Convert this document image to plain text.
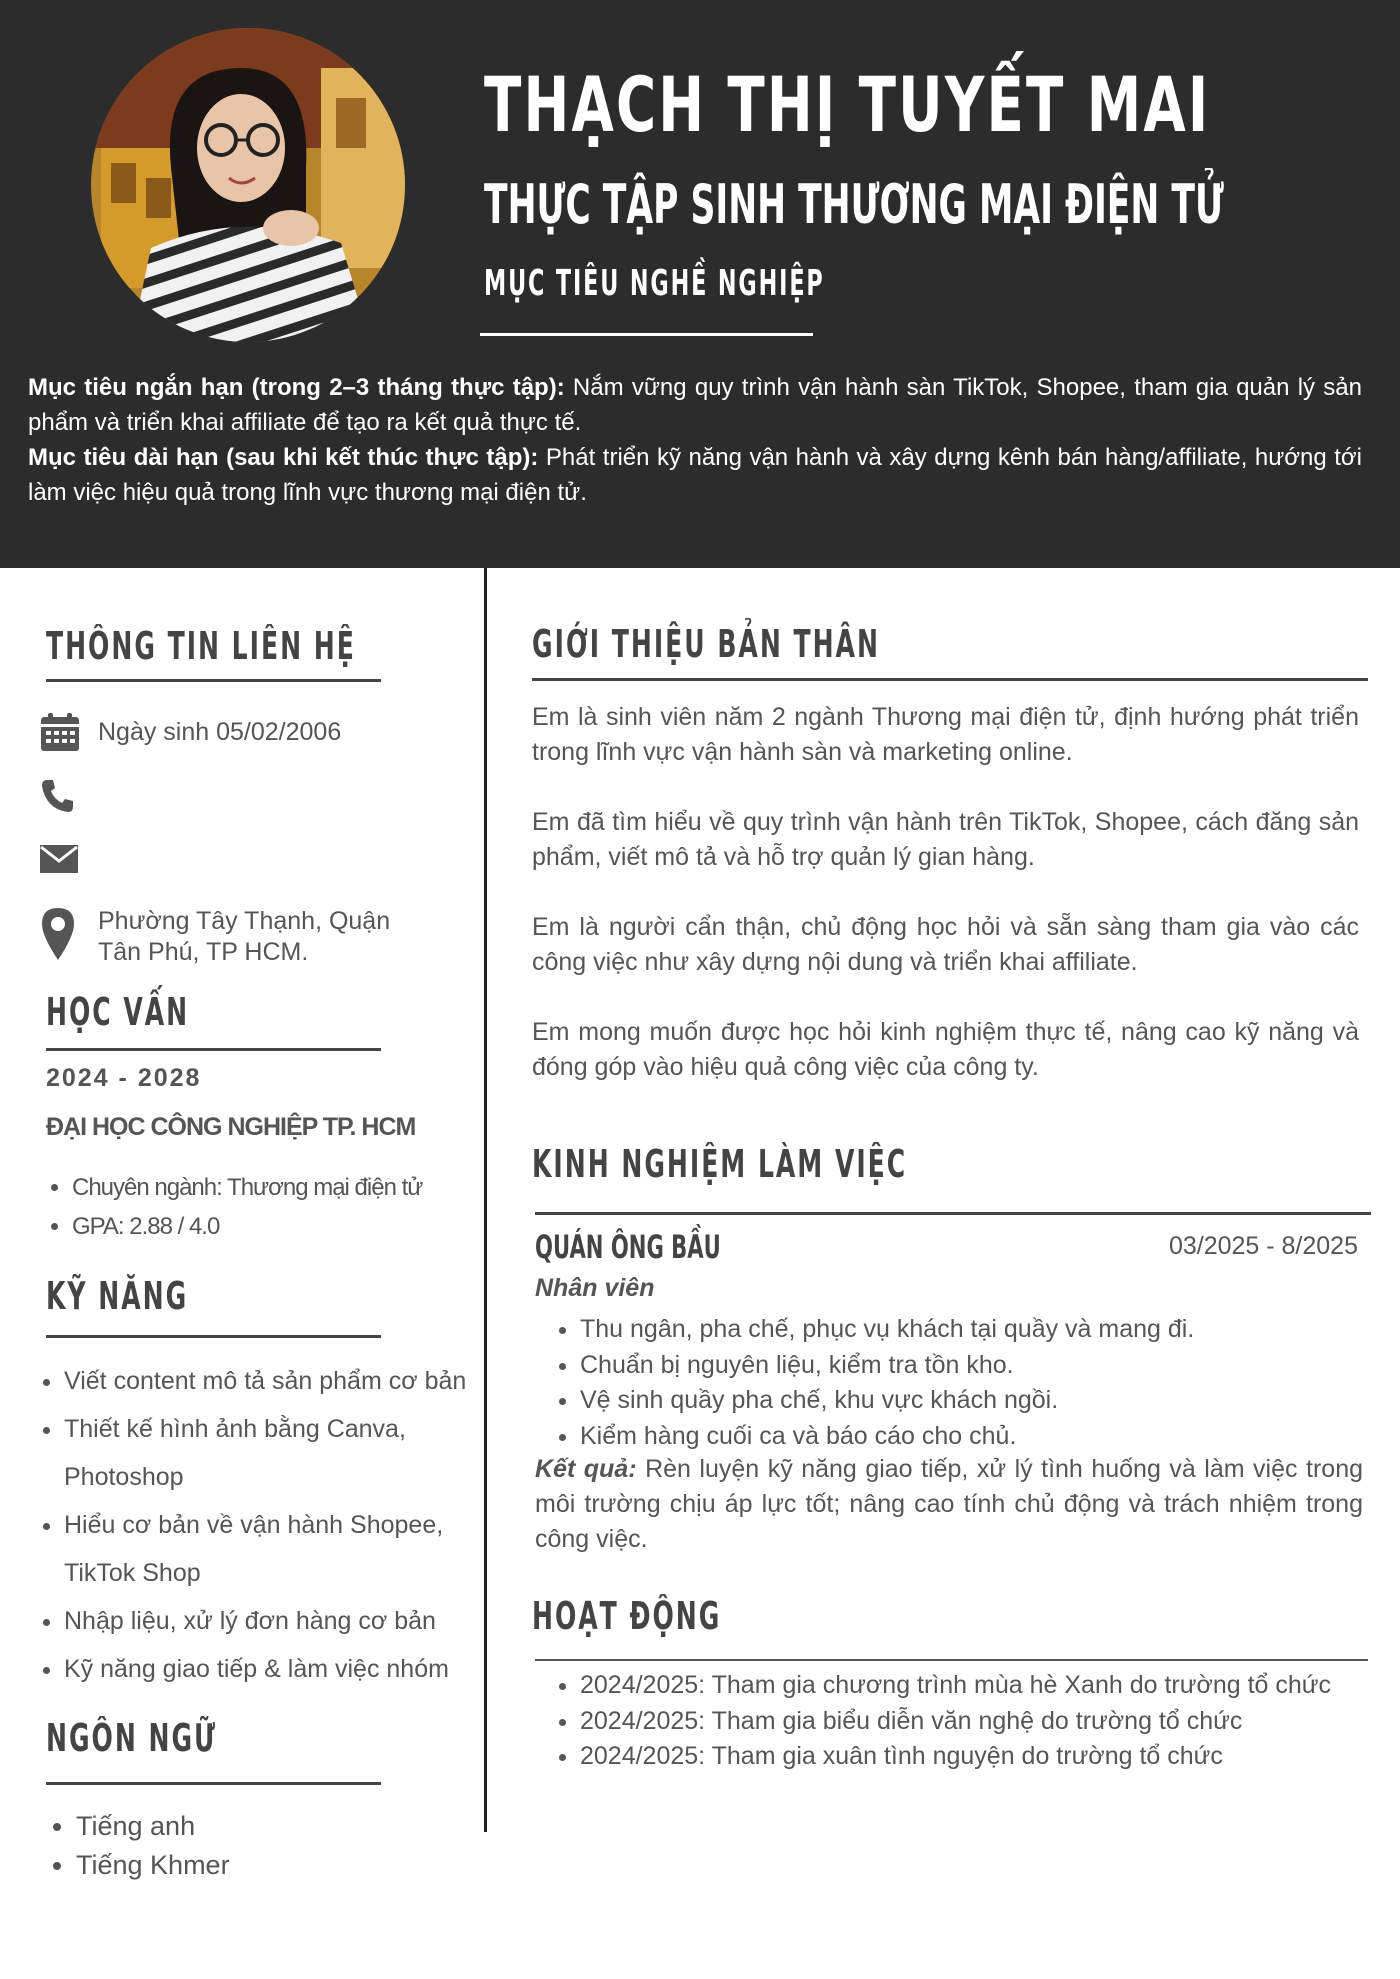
THẠCH THỊ TUYẾT MAI
THỰC TẬP SINH THƯƠNG MẠI ĐIỆN TỬ
MỤC TIÊU NGHỀ NGHIỆP

Mục tiêu ngắn hạn (trong 2–3 tháng thực tập): Nắm vững quy trình vận hành sàn TikTok, Shopee, tham gia quản lý sản phẩm và triển khai affiliate để tạo ra kết quả thực tế.

Mục tiêu dài hạn (sau khi kết thúc thực tập): Phát triển kỹ năng vận hành và xây dựng kênh bán hàng/affiliate, hướng tới làm việc hiệu quả trong lĩnh vực thương mại điện tử.

THÔNG TIN LIÊN HỆ
Ngày sinh 05/02/2006
Phường Tây Thạnh, Quận Tân Phú, TP HCM.
HỌC VẤN
2024 - 2028
ĐẠI HỌC CÔNG NGHIỆP TP. HCM
• Chuyên ngành: Thương mại điện tử
• GPA: 2.88 / 4.0
KỸ NĂNG
• Viết content mô tả sản phẩm cơ bản
• Thiết kế hình ảnh bằng Canva, Photoshop
• Hiểu cơ bản về vận hành Shopee, TikTok Shop
• Nhập liệu, xử lý đơn hàng cơ bản
• Kỹ năng giao tiếp & làm việc nhóm
NGÔN NGỮ
• Tiếng anh
• Tiếng Khmer
GIỚI THIỆU BẢN THÂN

Em là sinh viên năm 2 ngành Thương mại điện tử, định hướng phát triển trong lĩnh vực vận hành sàn và marketing online.

Em đã tìm hiểu về quy trình vận hành trên TikTok, Shopee, cách đăng sản phẩm, viết mô tả và hỗ trợ quản lý gian hàng.

Em là người cẩn thận, chủ động học hỏi và sẵn sàng tham gia vào các công việc như xây dựng nội dung và triển khai affiliate.

Em mong muốn được học hỏi kinh nghiệm thực tế, nâng cao kỹ năng và đóng góp vào hiệu quả công việc của công ty.

KINH NGHIỆM LÀM VIỆC
QUÁN ÔNG BẦU	03/2025 - 8/2025
Nhân viên
• Thu ngân, pha chế, phục vụ khách tại quầy và mang đi.
• Chuẩn bị nguyên liệu, kiểm tra tồn kho.
• Vệ sinh quầy pha chế, khu vực khách ngồi.
• Kiểm hàng cuối ca và báo cáo cho chủ.
Kết quả: Rèn luyện kỹ năng giao tiếp, xử lý tình huống và làm việc trong môi trường chịu áp lực tốt; nâng cao tính chủ động và trách nhiệm trong công việc.
HOẠT ĐỘNG
• 2024/2025: Tham gia chương trình mùa hè Xanh do trường tổ chức
• 2024/2025: Tham gia biểu diễn văn nghệ do trường tổ chức
• 2024/2025: Tham gia xuân tình nguyện do trường tổ chức
